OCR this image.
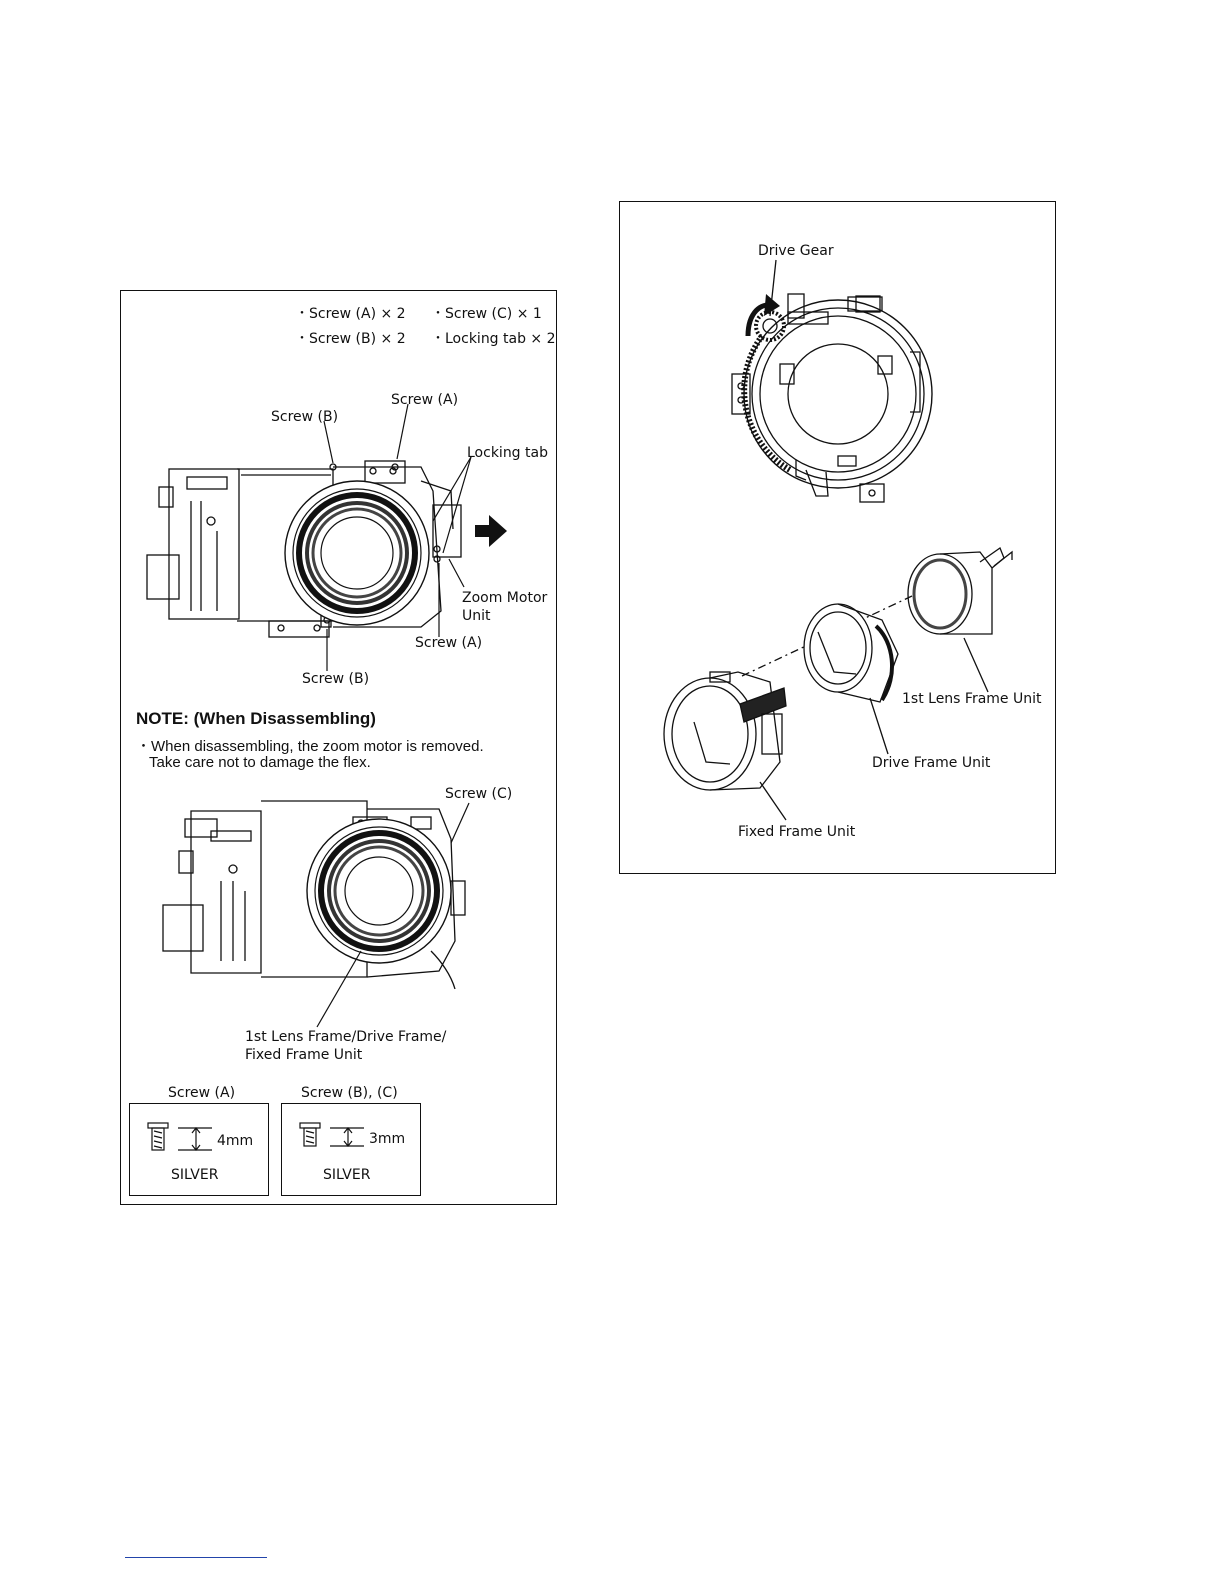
・Screw (A) × 2 ・Screw (C) × 1
・Screw (B) × 2 ・Locking tab × 2
Screw (B)
Screw (A)
Locking tab
Zoom Motor
Unit
Screw (A)
Screw (B)
NOTE: (When Disassembling)
・When disassembling, the zoom motor is removed.
Take care not to damage the flex.
Screw (C)
1st Lens Frame/Drive Frame/
Fixed Frame Unit
Screw (A)	Screw (B), (C)
4mm
SILVER
3mm
SILVER
Drive Gear
1st Lens Frame Unit
Drive Frame Unit
Fixed Frame Unit
